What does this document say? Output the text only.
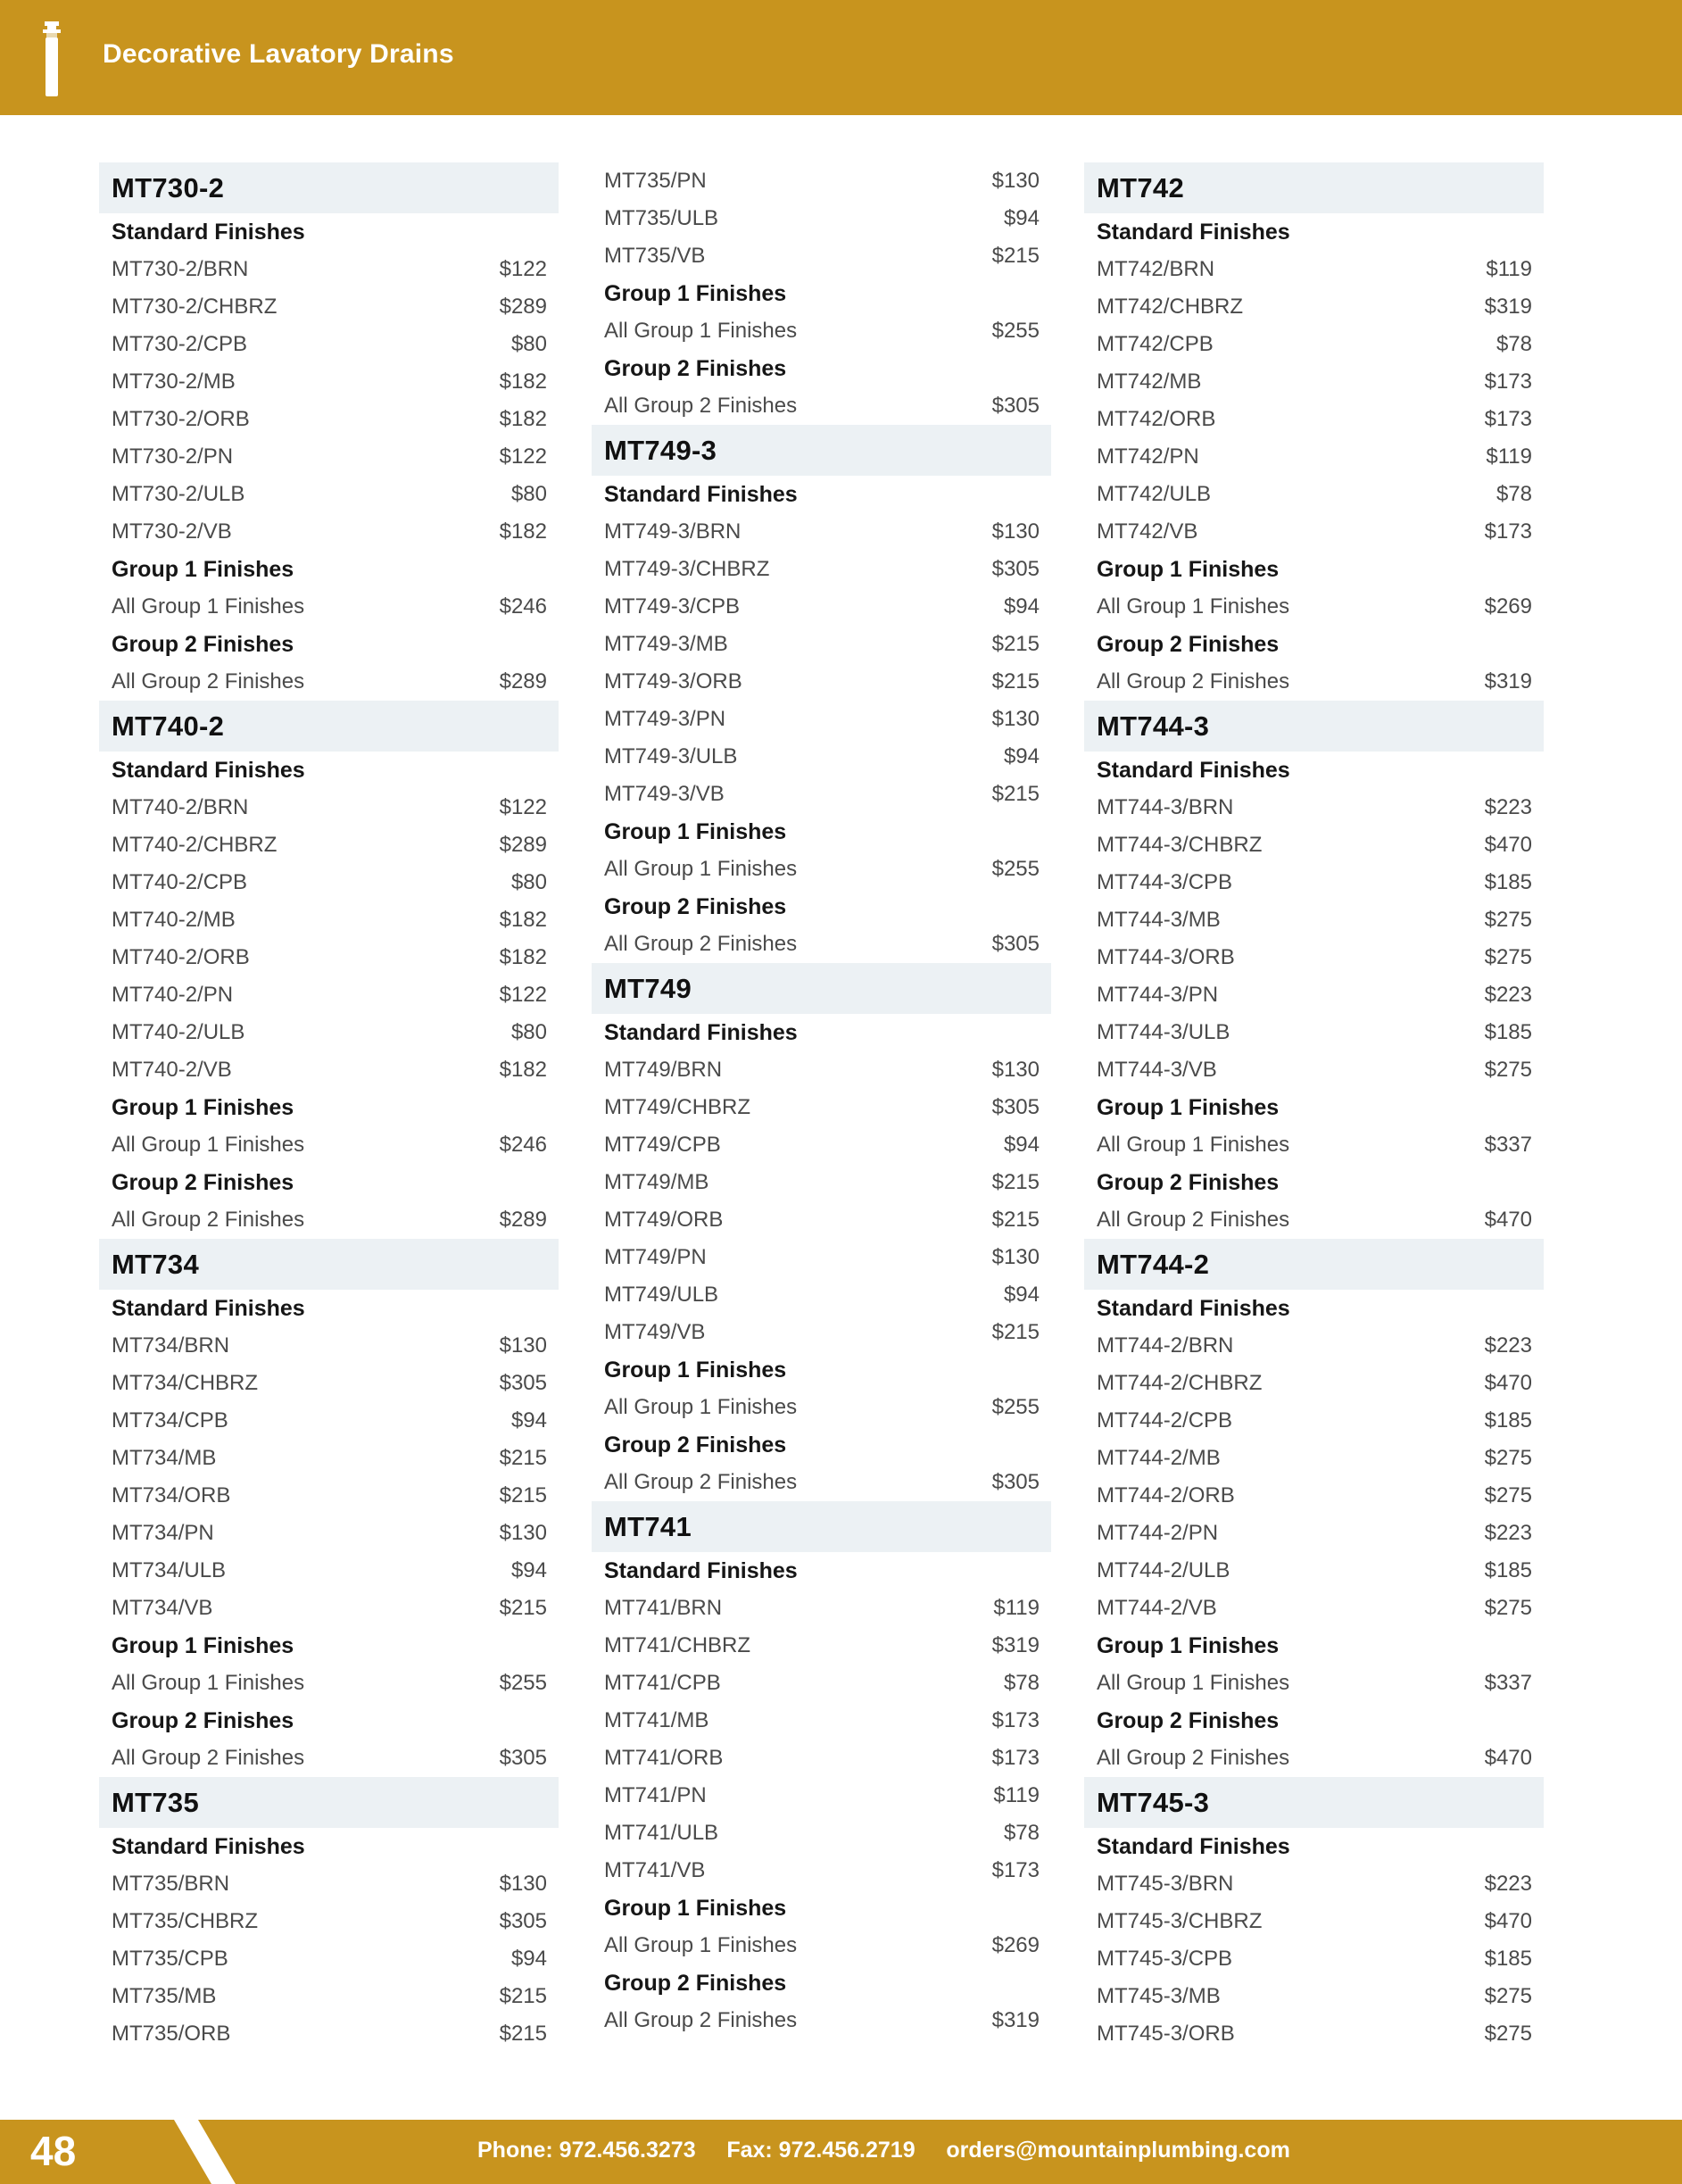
Decorative Lavatory Drains
MT730-2
Standard Finishes
MT730-2/BRN	$122
MT730-2/CHBRZ	$289
MT730-2/CPB	$80
MT730-2/MB	$182
MT730-2/ORB	$182
MT730-2/PN	$122
MT730-2/ULB	$80
MT730-2/VB	$182
Group 1 Finishes
All Group 1 Finishes	$246
Group 2 Finishes
All Group 2 Finishes	$289
MT740-2
Standard Finishes
MT740-2/BRN	$122
MT740-2/CHBRZ	$289
MT740-2/CPB	$80
MT740-2/MB	$182
MT740-2/ORB	$182
MT740-2/PN	$122
MT740-2/ULB	$80
MT740-2/VB	$182
Group 1 Finishes
All Group 1 Finishes	$246
Group 2 Finishes
All Group 2 Finishes	$289
MT734
Standard Finishes
MT734/BRN	$130
MT734/CHBRZ	$305
MT734/CPB	$94
MT734/MB	$215
MT734/ORB	$215
MT734/PN	$130
MT734/ULB	$94
MT734/VB	$215
Group 1 Finishes
All Group 1 Finishes	$255
Group 2 Finishes
All Group 2 Finishes	$305
MT735
Standard Finishes
MT735/BRN	$130
MT735/CHBRZ	$305
MT735/CPB	$94
MT735/MB	$215
MT735/ORB	$215
MT735/PN	$130
MT735/ULB	$94
MT735/VB	$215
Group 1 Finishes
All Group 1 Finishes	$255
Group 2 Finishes
All Group 2 Finishes	$305
MT749-3
Standard Finishes
MT749-3/BRN	$130
MT749-3/CHBRZ	$305
MT749-3/CPB	$94
MT749-3/MB	$215
MT749-3/ORB	$215
MT749-3/PN	$130
MT749-3/ULB	$94
MT749-3/VB	$215
Group 1 Finishes
All Group 1 Finishes	$255
Group 2 Finishes
All Group 2 Finishes	$305
MT749
Standard Finishes
MT749/BRN	$130
MT749/CHBRZ	$305
MT749/CPB	$94
MT749/MB	$215
MT749/ORB	$215
MT749/PN	$130
MT749/ULB	$94
MT749/VB	$215
Group 1 Finishes
All Group 1 Finishes	$255
Group 2 Finishes
All Group 2 Finishes	$305
MT741
Standard Finishes
MT741/BRN	$119
MT741/CHBRZ	$319
MT741/CPB	$78
MT741/MB	$173
MT741/ORB	$173
MT741/PN	$119
MT741/ULB	$78
MT741/VB	$173
Group 1 Finishes
All Group 1 Finishes	$269
Group 2 Finishes
All Group 2 Finishes	$319
MT742
Standard Finishes
MT742/BRN	$119
MT742/CHBRZ	$319
MT742/CPB	$78
MT742/MB	$173
MT742/ORB	$173
MT742/PN	$119
MT742/ULB	$78
MT742/VB	$173
Group 1 Finishes
All Group 1 Finishes	$269
Group 2 Finishes
All Group 2 Finishes	$319
MT744-3
Standard Finishes
MT744-3/BRN	$223
MT744-3/CHBRZ	$470
MT744-3/CPB	$185
MT744-3/MB	$275
MT744-3/ORB	$275
MT744-3/PN	$223
MT744-3/ULB	$185
MT744-3/VB	$275
Group 1 Finishes
All Group 1 Finishes	$337
Group 2 Finishes
All Group 2 Finishes	$470
MT744-2
Standard Finishes
MT744-2/BRN	$223
MT744-2/CHBRZ	$470
MT744-2/CPB	$185
MT744-2/MB	$275
MT744-2/ORB	$275
MT744-2/PN	$223
MT744-2/ULB	$185
MT744-2/VB	$275
Group 1 Finishes
All Group 1 Finishes	$337
Group 2 Finishes
All Group 2 Finishes	$470
MT745-3
Standard Finishes
MT745-3/BRN	$223
MT745-3/CHBRZ	$470
MT745-3/CPB	$185
MT745-3/MB	$275
MT745-3/ORB	$275
48	Phone: 972.456.3273     Fax: 972.456.2719     orders@mountainplumbing.com
